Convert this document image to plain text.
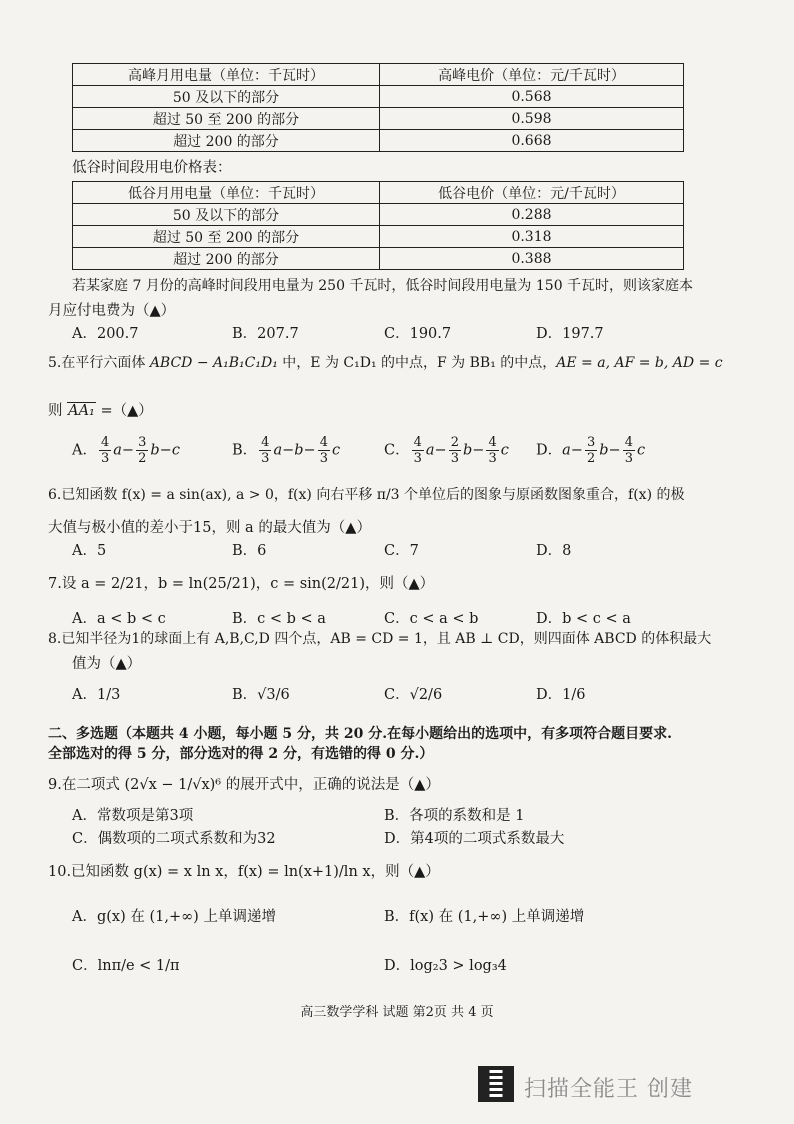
高峰月用电量（单位：千瓦时）	高峰电价（单位：元/千瓦时）
50 及以下的部分	0.568
超过 50 至 200 的部分	0.598
超过 200 的部分	0.668
低谷时间段用电价格表：
低谷月用电量（单位：千瓦时）	低谷电价（单位：元/千瓦时）
50 及以下的部分	0.288
超过 50 至 200 的部分	0.318
超过 200 的部分	0.388
若某家庭 7 月份的高峰时间段用电量为 250 千瓦时，低谷时间段用电量为 150 千瓦时，则该家庭本
月应付电费为（▲）
A．200.7	B．207.7	C．190.7	D．197.7
5.在平行六面体 ABCD − A₁B₁C₁D₁ 中，E 为 C₁D₁ 的中点，F 为 BB₁ 的中点，AE = a, AF = b, AD = c
则 AA₁ =（▲）
A． $\frac{4}{3} a- \frac{3}{2} b-c$	B． $\frac{4}{3} a-b- \frac{4}{3}$ c	C． $\frac{4}{3} a- \frac{2}{3} b- \frac{4}{3}$ c D．$a- \frac{3}{2} b- \frac{4}{3}$ c
6.已知函数 f(x) = a sin(ax), a > 0，f(x) 向右平移 π/3 个单位后的图象与原函数图象重合，f(x) 的极
大值与极小值的差小于15，则 a 的最大值为（▲）
A．5	B．6	C．7	D．8
7.设 a = 2/21，b = ln(25/21)，c = sin(2/21)，则（▲）
A．a < b < c	B．c < b < a	C．c < a < b	D．b < c < a
8.已知半径为1的球面上有 A,B,C,D 四个点，AB = CD = 1，且 AB ⊥ CD，则四面体 ABCD 的体积最大
值为（▲）
A．1/3	B．√3/6	C．√2/6	D．1/6
二、多选题（本题共 4 小题，每小题 5 分，共 20 分.在每小题给出的选项中，有多项符合题目要求.
全部选对的得 5 分，部分选对的得 2 分，有选错的得 0 分.）
9.在二项式 (2√x − 1/√x)⁶ 的展开式中，正确的说法是（▲）
A．常数项是第3项	B．各项的系数和是 1
C．偶数项的二项式系数和为32	D．第4项的二项式系数最大
10.已知函数 g(x) = x ln x，f(x) = ln(x+1)/ln x，则（▲）
A．g(x) 在 (1,+∞) 上单调递增	B．f(x) 在 (1,+∞) 上单调递增
C．lnπ/e < 1/π	D．log₂3 > log₃4
高三数学学科 试题 第2页 共 4 页
扫描全能王 创建
